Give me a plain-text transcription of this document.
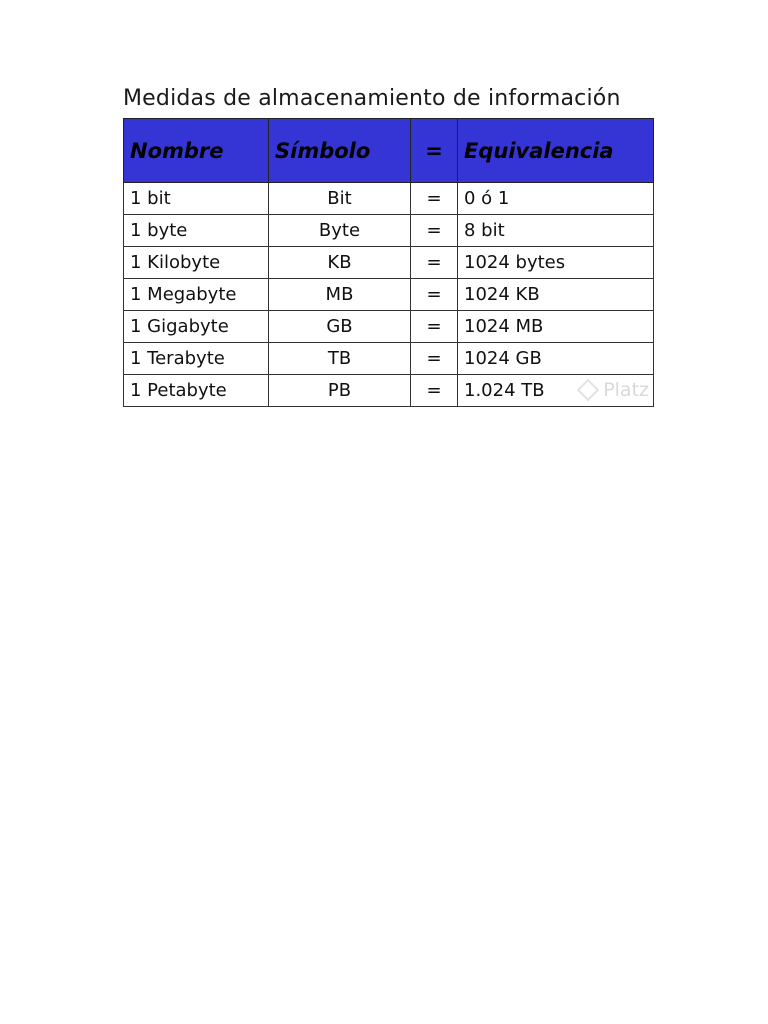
Medidas de almacenamiento de información
Nombre	Símbolo	=	Equivalencia
1 bit	Bit	=	0 ó 1
1 byte	Byte	=	8 bit
1 Kilobyte	KB	=	1024 bytes
1 Megabyte	MB	=	1024 KB
1 Gigabyte	GB	=	1024 MB
1 Terabyte	TB	=	1024 GB
1 Petabyte	PB	=	1.024 TB Platz
